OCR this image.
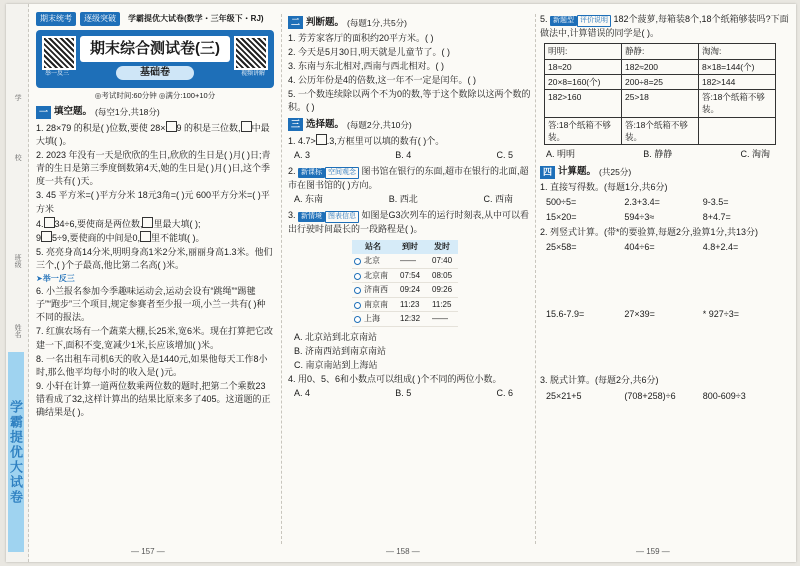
学
校
班级
姓名
学霸提优大试卷
期末统考	逐级突破	学霸提优大试卷(数学・三年级下・RJ)
举一反三	视频讲解
期末综合测试卷(三)
基础卷
◎考试时间:60分钟 ◎满分:100+10分
一 填空题。 (每空1分,共18分)
1. 28×79 的积是( )位数,要使 28× 9 的积是三位数, 中最大填( )。
2. 2023 年没有一天是欣欣的生日,欣欣的生日是( )月( )日;青青的生日是第三季度倒数第4天,她的生日是( )月( )日,这个季度一共有( )天。
3. 45 平方米=( )平方分米 18元3角=( )元 600平方分米=( )平方米
4. 34÷6,要使商是两位数, 里最大填( );
9 5÷9,要使商的中间是0, 里不能填( )。
5. 亮亮身高14分米,明明身高1米2分米,丽丽身高1.3米。他们三个,( )个子最高,他比第二名高( )米。
➤举一反三
6. 小兰报名参加今季趣味运动会,运动会设有“跳绳”“踢毽子”“跑步”三个项目,规定参赛者至少报一项,小兰一共有( )种不同的报法。
7. 红旗农场有一个蔬菜大棚,长25米,宽6米。现在打算把它改建一下,面积不变,宽减少1米,长应该增加( )米。
8. 一名出租车司机6天的收入是1440元,如果他每天工作8小时,那么他平均每小时的收入是( )元。
9. 小轩在计算一道两位数乘两位数的题时,把第二个乘数23错看成了32,这样计算出的结果比原来多了405。这道题的正确结果是( )。
— 157 —
二 判断题。 (每题1分,共5分)
1. 芳芳家客厅的面积约20平方米。( )
2. 今天是5月30日,明天就是儿童节了。( )
3. 东南与东北相对,西南与西北相对。( )
4. 公历年份是4的倍数,这一年不一定是闰年。( )
5. 一个数连续除以两个不为0的数,等于这个数除以这两个数的积。( )
三 选择题。 (每题2分,共10分)
1. 4.7> .3,方框里可以填的数有( )个。
A. 3	B. 4	C. 5
2. 新课标 空间观念 图书馆在银行的东面,超市在银行的北面,超市在图书馆的( )方向。
A. 东南	B. 西北	C. 西南
3. 新情境 图表信息 如图是G3次列车的运行时刻表,从中可以看出行驶时间最长的一段路程是( )。
站名	到时	发时
北京	——	07:40
北京南	07:54	08:05
济南西	09:24	09:26
南京南	11:23	11:25
上海	12:32	——
A. 北京站到北京南站
B. 济南西站到南京南站
C. 南京南站到上海站
4. 用0、5、6和小数点可以组成( )个不同的两位小数。
A. 4	B. 5	C. 6
— 158 —
5. 新题型 评价说明 182个菠萝,每箱装8个,18个纸箱够装吗?下面做法中,计算错误的同学是( )。
明明:	静静:	淘淘:
18≈20	182≈200	8×18=144(个)
20×8=160(个)	200÷8=25	182>144
182>160	25>18	答:18个纸箱不够装。
答:18个纸箱不够装。	答:18个纸箱不够装。	
A. 明明	B. 静静	C. 淘淘
四 计算题。 (共25分)
1. 直接写得数。(每题1分,共6分)
500÷5=	2.3+3.4=	9-3.5=
15×20=	594÷3≈	8+4.7=
2. 列竖式计算。(带*的要验算,每题2分,验算1分,共13分)
25×58=	404÷6=	4.8+2.4=
15.6-7.9=	27×39=	* 927÷3=
3. 脱式计算。(每题2分,共6分)
25×21+5	(708+258)÷6	800-609÷3
— 159 —
